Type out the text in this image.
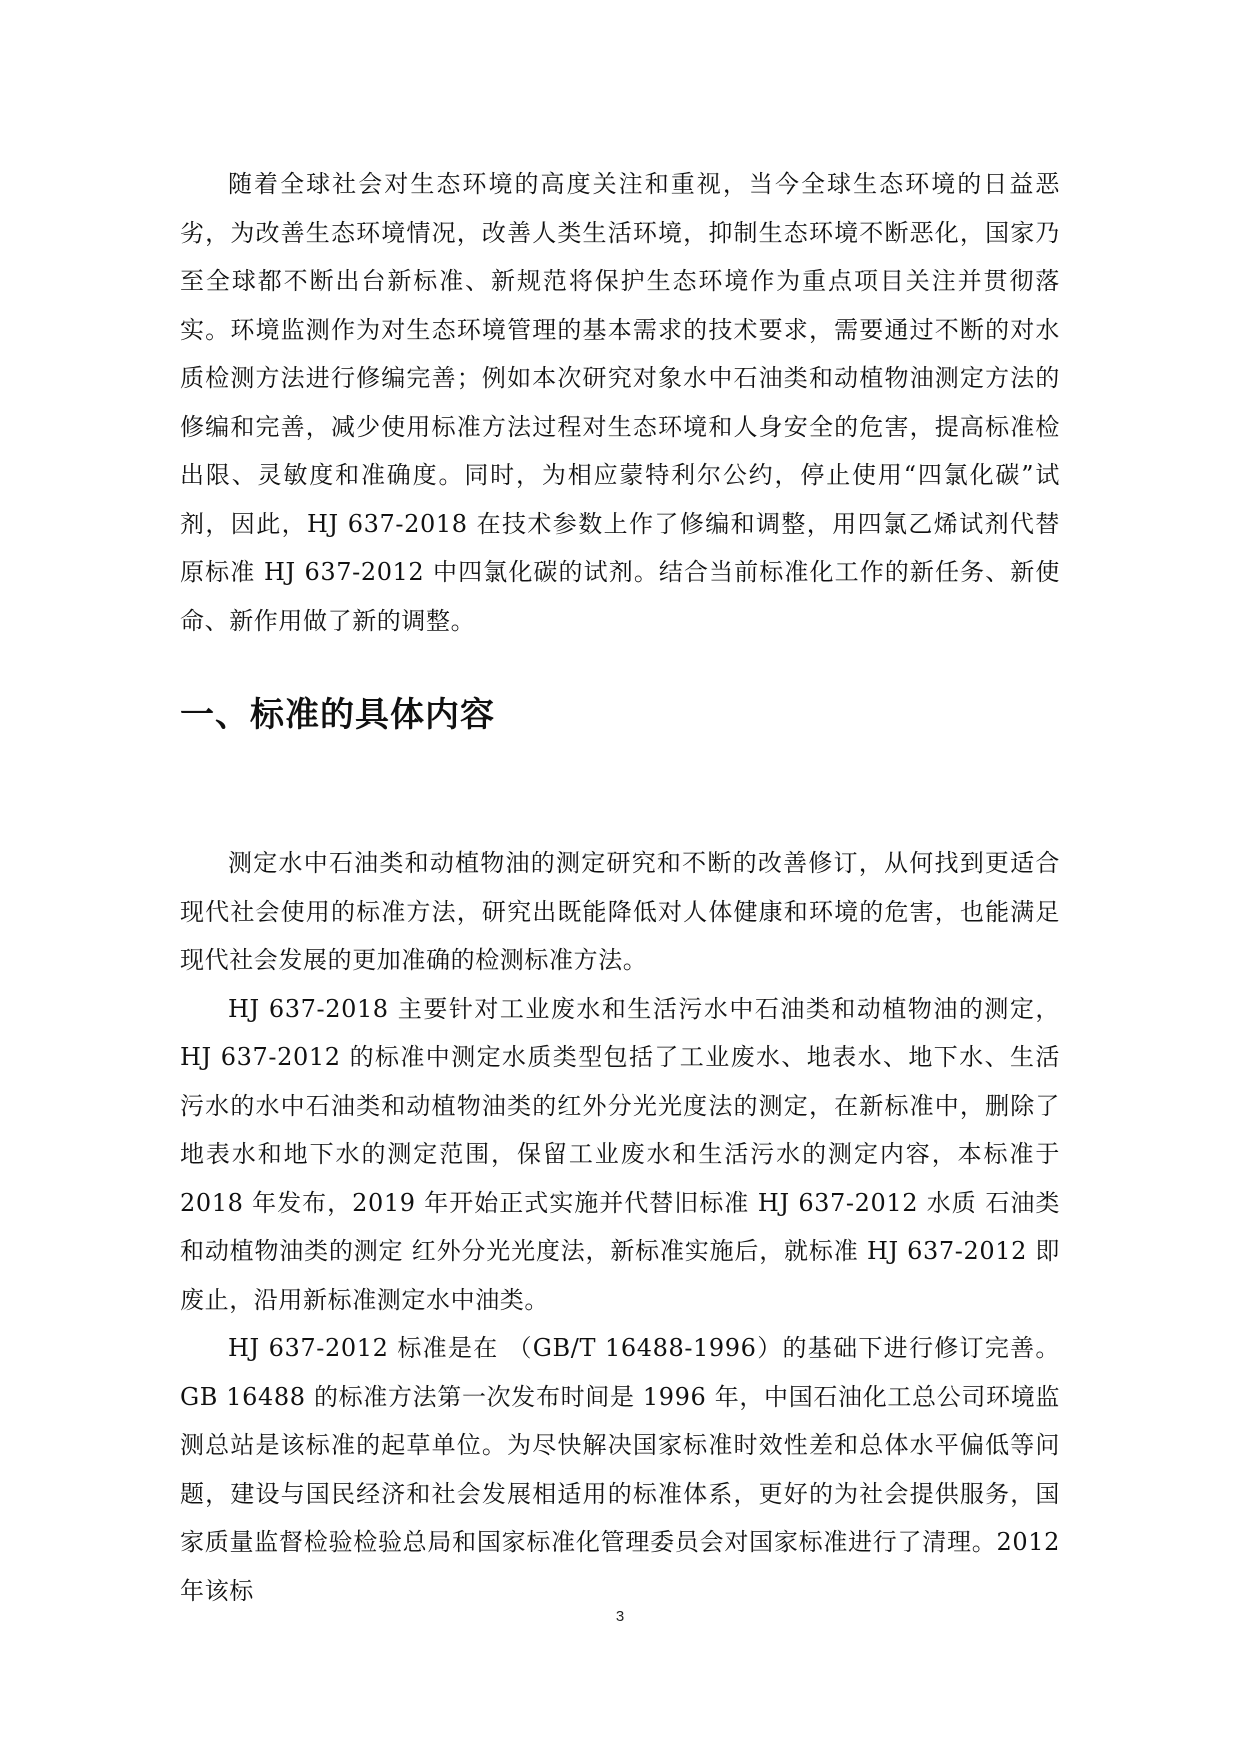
随着全球社会对生态环境的高度关注和重视，当今全球生态环境的日益恶劣，为改善生态环境情况，改善人类生活环境，抑制生态环境不断恶化，国家乃至全球都不断出台新标准、新规范将保护生态环境作为重点项目关注并贯彻落实。环境监测作为对生态环境管理的基本需求的技术要求，需要通过不断的对水质检测方法进行修编完善；例如本次研究对象水中石油类和动植物油测定方法的修编和完善，减少使用标准方法过程对生态环境和人身安全的危害，提高标准检出限、灵敏度和准确度。同时，为相应蒙特利尔公约，停止使用“四氯化碳”试剂，因此，HJ 637-2018 在技术参数上作了修编和调整，用四氯乙烯试剂代替原标准 HJ 637-2012 中四氯化碳的试剂。结合当前标准化工作的新任务、新使命、新作用做了新的调整。

一、标准的具体内容

测定水中石油类和动植物油的测定研究和不断的改善修订，从何找到更适合现代社会使用的标准方法，研究出既能降低对人体健康和环境的危害，也能满足现代社会发展的更加准确的检测标准方法。

HJ 637-2018 主要针对工业废水和生活污水中石油类和动植物油的测定，HJ 637-2012 的标准中测定水质类型包括了工业废水、地表水、地下水、生活污水的水中石油类和动植物油类的红外分光光度法的测定，在新标准中，删除了地表水和地下水的测定范围，保留工业废水和生活污水的测定内容，本标准于 2018 年发布，2019 年开始正式实施并代替旧标准 HJ 637-2012 水质 石油类和动植物油类的测定 红外分光光度法，新标准实施后，就标准 HJ 637-2012 即废止，沿用新标准测定水中油类。

HJ 637-2012 标准是在 （GB/T 16488-1996）的基础下进行修订完善。GB 16488 的标准方法第一次发布时间是 1996 年，中国石油化工总公司环境监测总站是该标准的起草单位。为尽快解决国家标准时效性差和总体水平偏低等问题，建设与国民经济和社会发展相适用的标准体系，更好的为社会提供服务，国家质量监督检验检验总局和国家标准化管理委员会对国家标准进行了清理。2012 年该标

3
